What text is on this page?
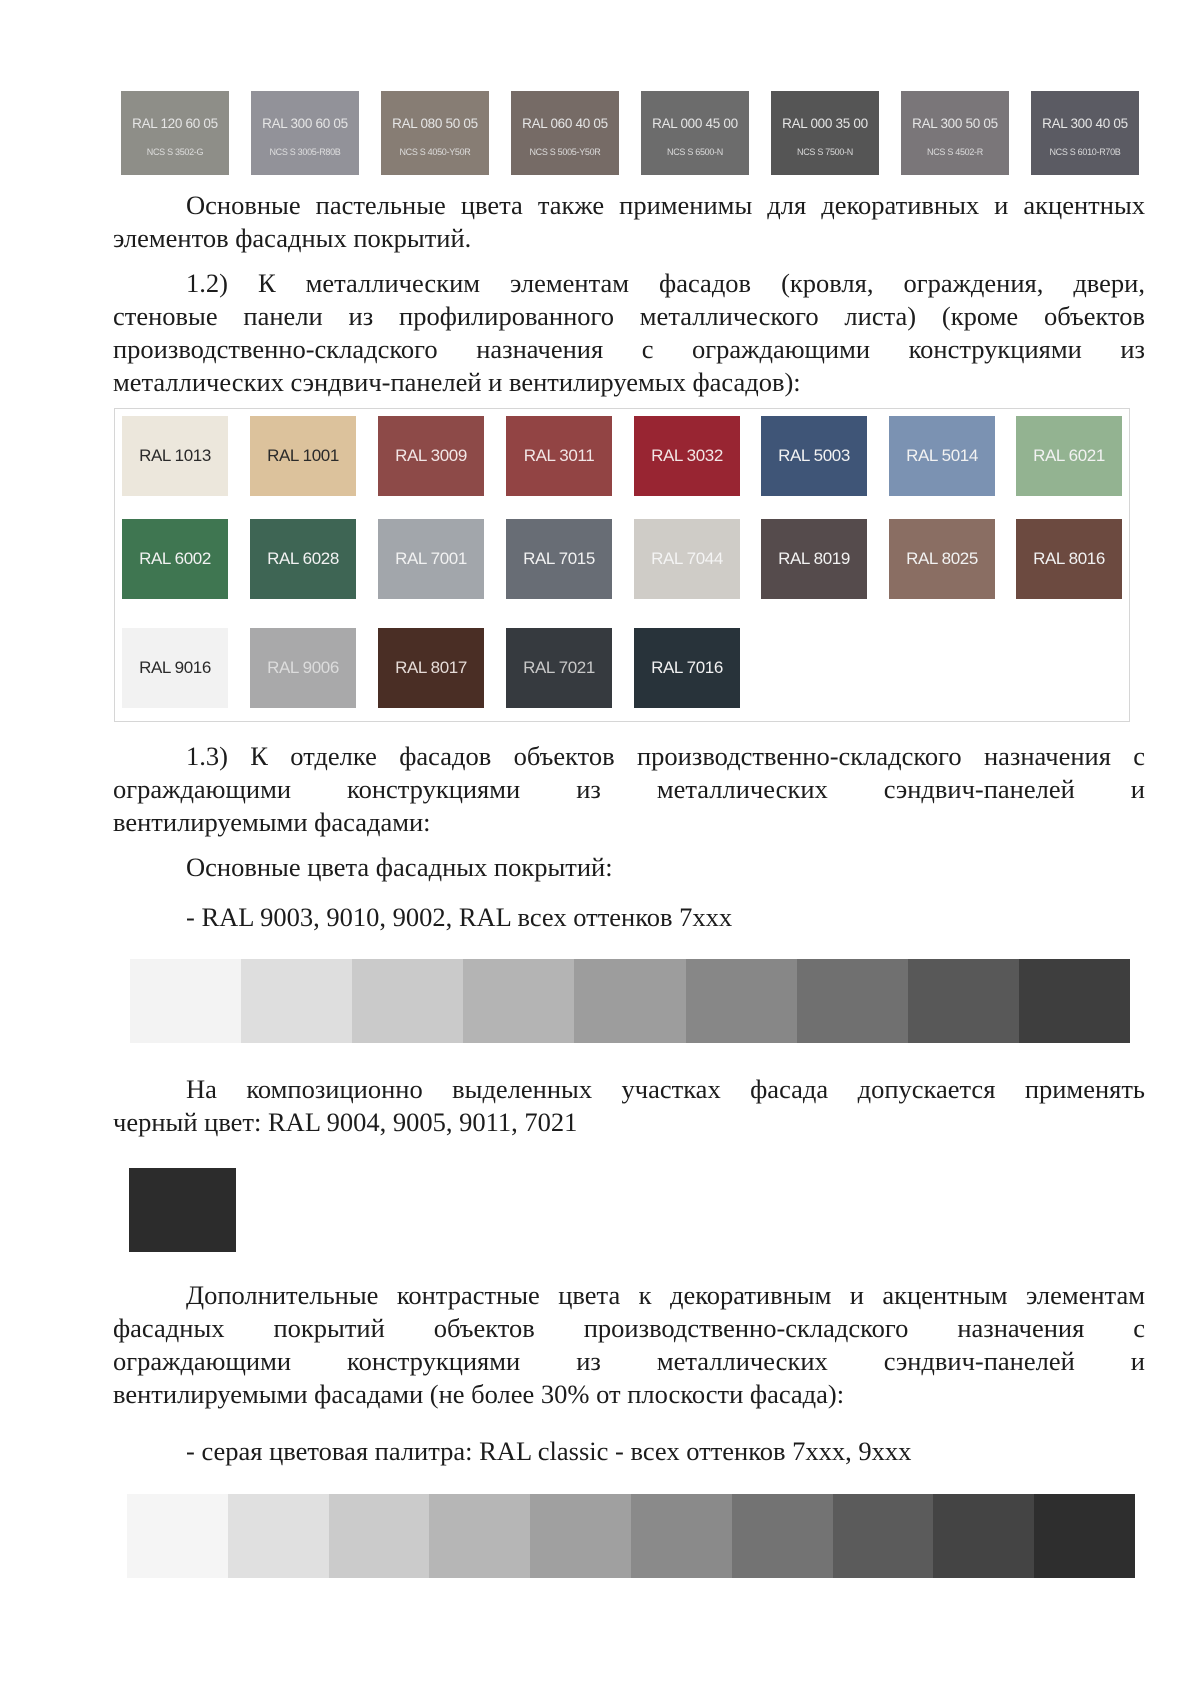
RAL 120 60 05
NCS S 3502-G
RAL 300 60 05
NCS S 3005-R80B
RAL 080 50 05
NCS S 4050-Y50R
RAL 060 40 05
NCS S 5005-Y50R
RAL 000 45 00
NCS S 6500-N
RAL 000 35 00
NCS S 7500-N
RAL 300 50 05
NCS S 4502-R
RAL 300 40 05
NCS S 6010-R70B
Основные пастельные цвета также применимы для декоративных и акцентных
элементов фасадных покрытий.
1.2) К металлическим элементам фасадов (кровля, ограждения, двери,
стеновые панели из профилированного металлического листа) (кроме объектов
производственно-складского назначения с ограждающими конструкциями из
металлических сэндвич-панелей и вентилируемых фасадов):
RAL 1013	RAL 1001	RAL 3009	RAL 3011	RAL 3032	RAL 5003	RAL 5014	RAL 6021
RAL 6002	RAL 6028	RAL 7001	RAL 7015	RAL 7044	RAL 8019	RAL 8025	RAL 8016
RAL 9016	RAL 9006	RAL 8017	RAL 7021	RAL 7016
1.3) К отделке фасадов объектов производственно-складского назначения с
ограждающими конструкциями из металлических сэндвич-панелей и
вентилируемыми фасадами:
Основные цвета фасадных покрытий:
- RAL 9003, 9010, 9002, RAL всех оттенков 7xxx
На композиционно выделенных участках фасада допускается применять
черный цвет: RAL 9004, 9005, 9011, 7021
Дополнительные контрастные цвета к декоративным и акцентным элементам
фасадных покрытий объектов производственно-складского назначения с
ограждающими конструкциями из металлических сэндвич-панелей и
вентилируемыми фасадами (не более 30% от плоскости фасада):
- серая цветовая палитра: RAL classic - всех оттенков 7xxx, 9xxx
